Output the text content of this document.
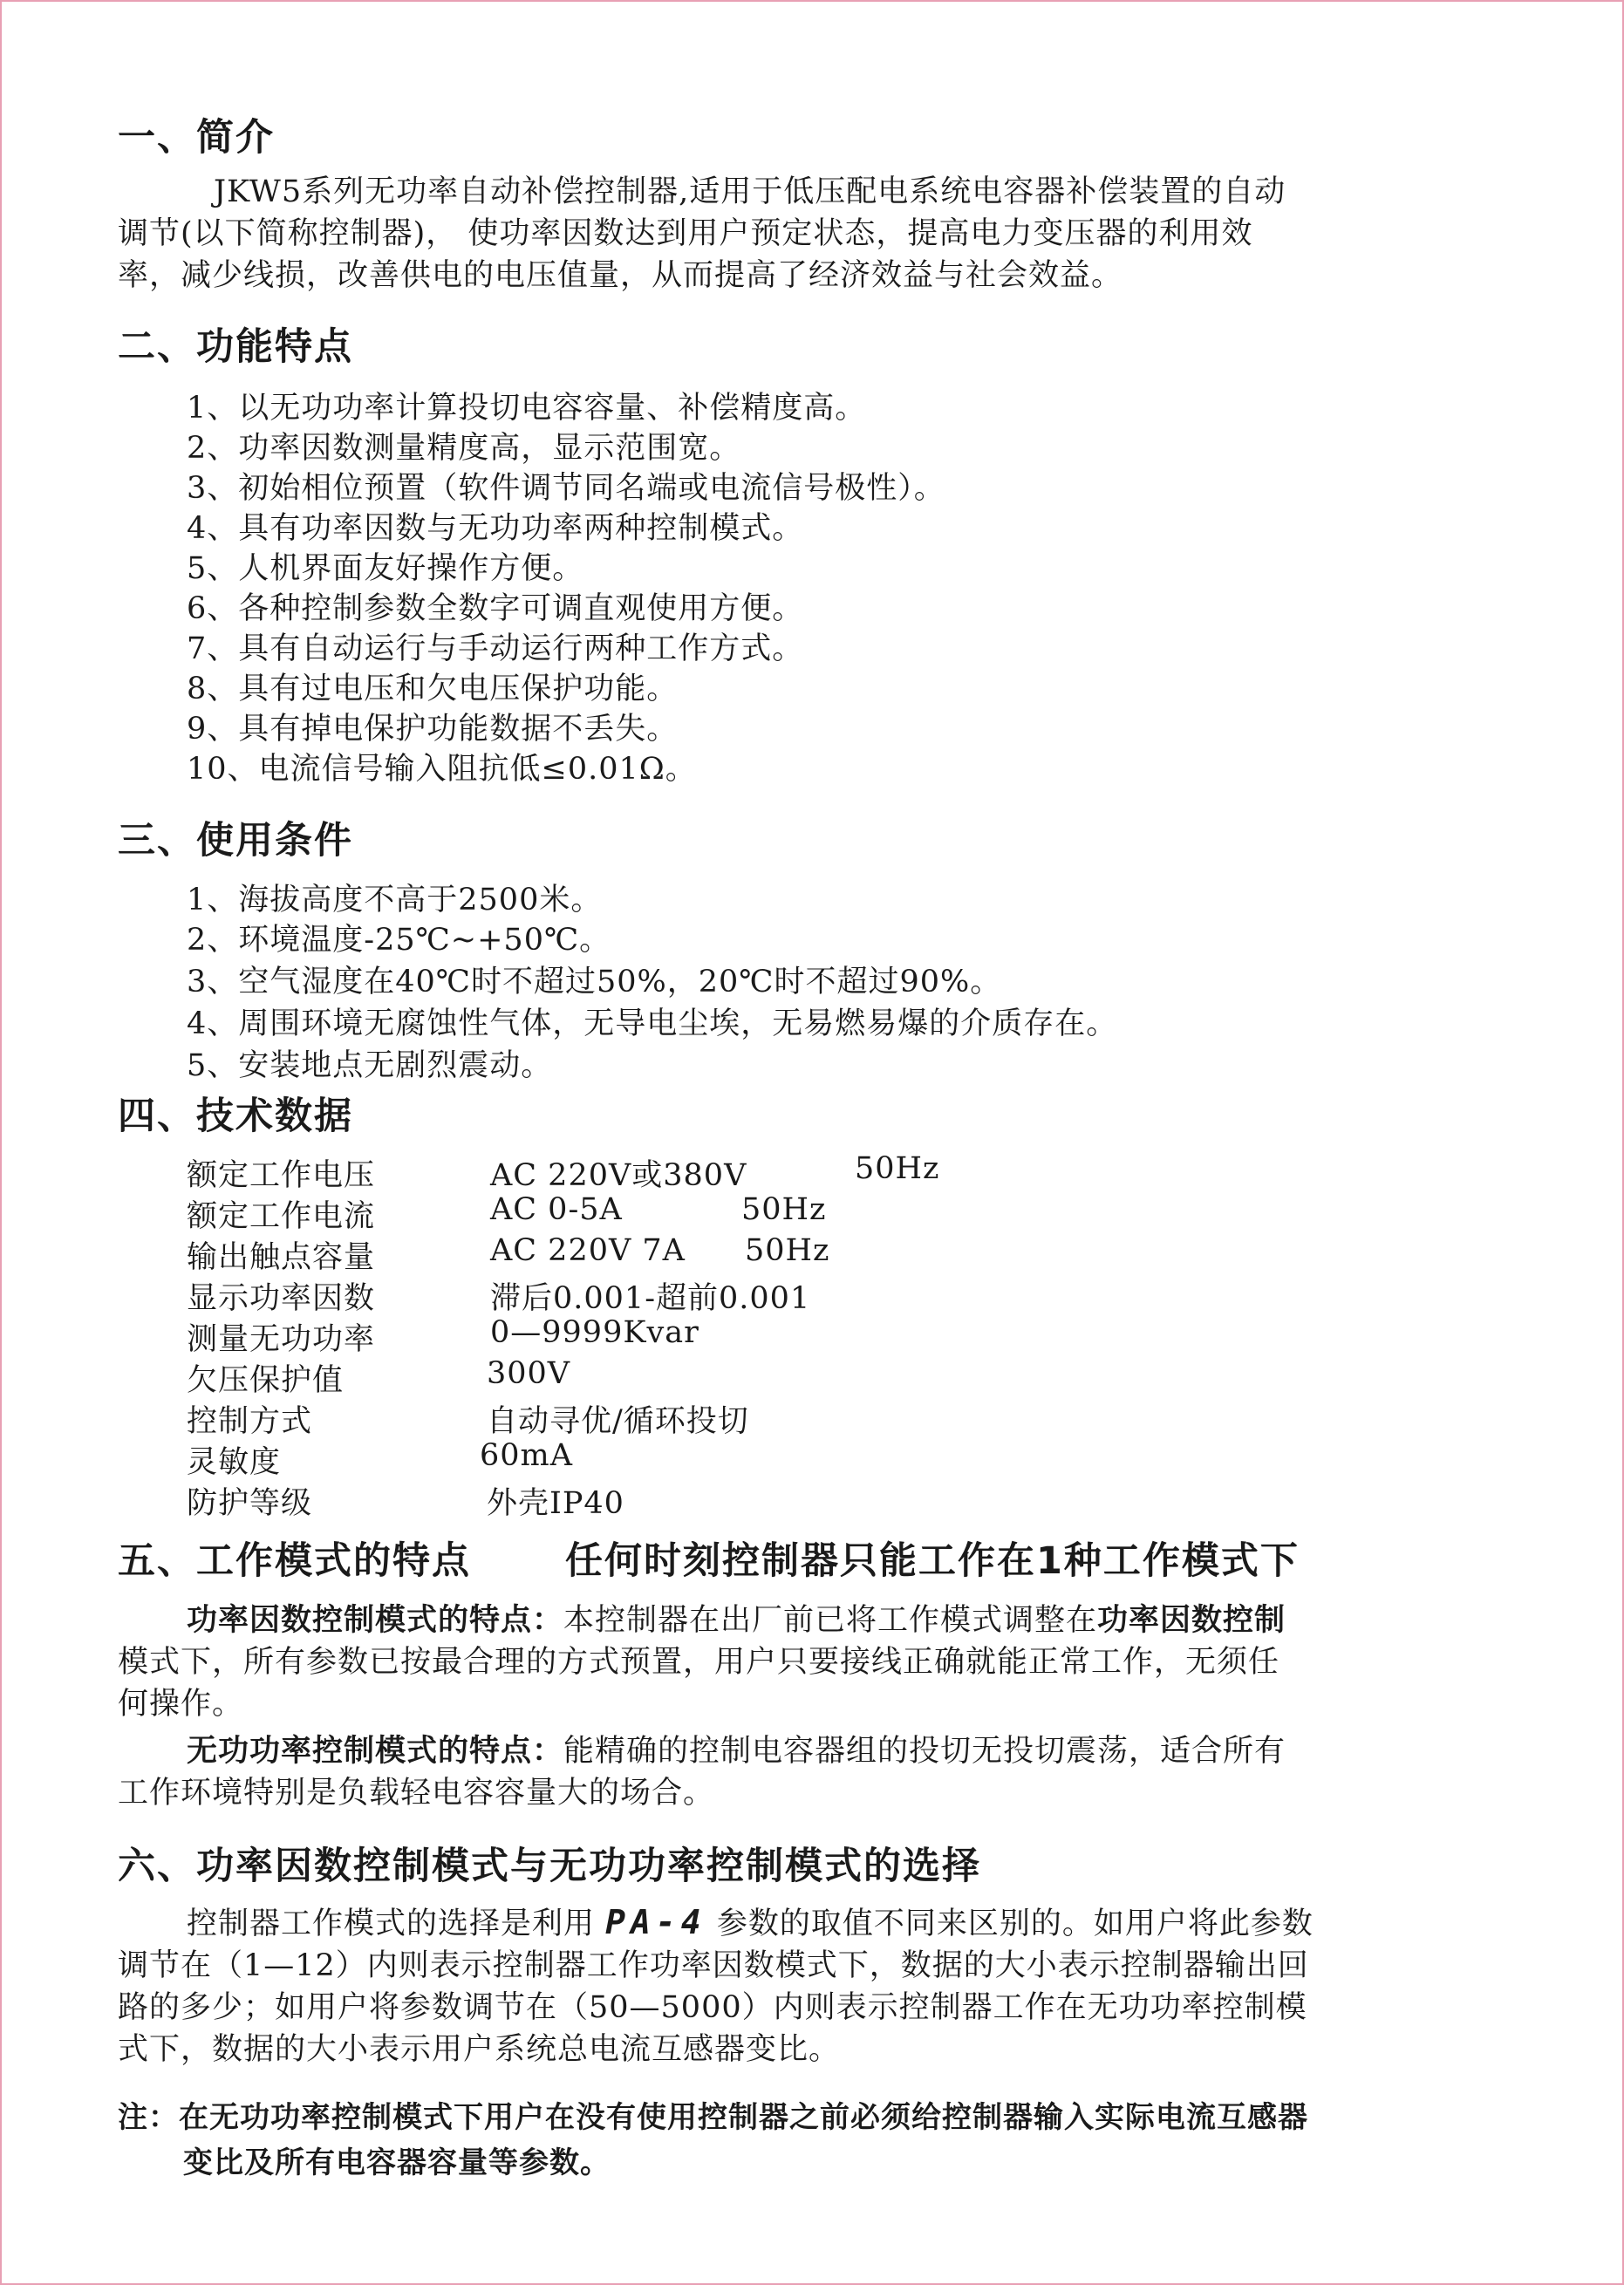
一、简介
JKW5系列无功率自动补偿控制器,适用于低压配电系统电容器补偿装置的自动
调节(以下简称控制器)， 使功率因数达到用户预定状态，提高电力变压器的利用效
率，减少线损，改善供电的电压值量，从而提高了经济效益与社会效益。
二、功能特点
1、以无功功率计算投切电容容量、补偿精度高。
2、功率因数测量精度高，显示范围宽。
3、初始相位预置（软件调节同名端或电流信号极性）。
4、具有功率因数与无功功率两种控制模式。
5、人机界面友好操作方便。
6、各种控制参数全数字可调直观使用方便。
7、具有自动运行与手动运行两种工作方式。
8、具有过电压和欠电压保护功能。
9、具有掉电保护功能数据不丢失。
10、电流信号输入阻抗低≤0.01Ω。
三、使用条件
1、海拔高度不高于2500米。
2、环境温度-25℃~+50℃。
3、空气湿度在40℃时不超过50%，20℃时不超过90%。
4、周围环境无腐蚀性气体，无导电尘埃，无易燃易爆的介质存在。
5、安装地点无剧烈震动。
四、技术数据
额定工作电压	AC 220V或380V	50Hz
额定工作电流	AC 0-5A	50Hz
输出触点容量	AC 220V 7A 50Hz
显示功率因数	滞后0.001-超前0.001
测量无功功率	0—9999Kvar
欠压保护值	300V
控制方式	自动寻优/循环投切
灵敏度	60mA
防护等级	外壳IP40
五、工作模式的特点	任何时刻控制器只能工作在1种工作模式下
功率因数控制模式的特点：本控制器在出厂前已将工作模式调整在功率因数控制
模式下，所有参数已按最合理的方式预置，用户只要接线正确就能正常工作，无须任
何操作。
无功功率控制模式的特点：能精确的控制电容器组的投切无投切震荡，适合所有
工作环境特别是负载轻电容容量大的场合。
六、功率因数控制模式与无功功率控制模式的选择
控制器工作模式的选择是利用 PA-4 参数的取值不同来区别的。如用户将此参数
调节在（1—12）内则表示控制器工作功率因数模式下，数据的大小表示控制器输出回
路的多少；如用户将参数调节在（50—5000）内则表示控制器工作在无功功率控制模
式下，数据的大小表示用户系统总电流互感器变比。
注：在无功功率控制模式下用户在没有使用控制器之前必须给控制器输入实际电流互感器
变比及所有电容器容量等参数。
